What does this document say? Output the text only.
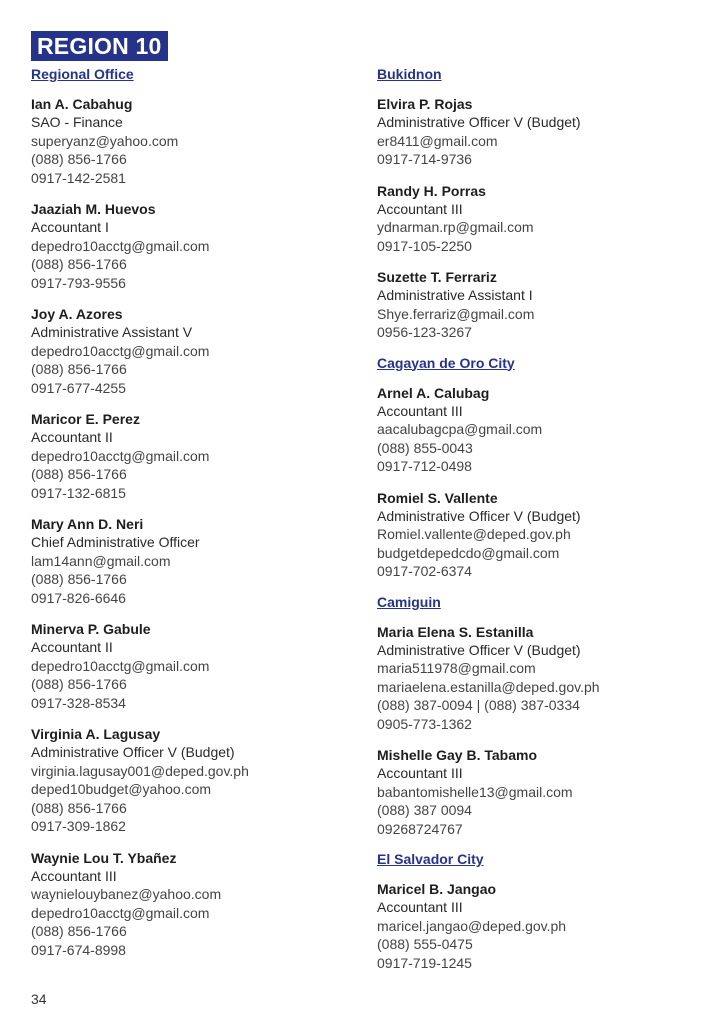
REGION 10
Regional Office
Ian A. Cabahug
SAO - Finance
superyanz@yahoo.com
(088) 856-1766
0917-142-2581
Jaaziah M. Huevos
Accountant I
depedro10acctg@gmail.com
(088) 856-1766
0917-793-9556
Joy A. Azores
Administrative Assistant V
depedro10acctg@gmail.com
(088) 856-1766
0917-677-4255
Maricor E. Perez
Accountant II
depedro10acctg@gmail.com
(088) 856-1766
0917-132-6815
Mary Ann D. Neri
Chief Administrative Officer
lam14ann@gmail.com
(088) 856-1766
0917-826-6646
Minerva P. Gabule
Accountant II
depedro10acctg@gmail.com
(088) 856-1766
0917-328-8534
Virginia A. Lagusay
Administrative Officer V (Budget)
virginia.lagusay001@deped.gov.ph
deped10budget@yahoo.com
(088) 856-1766
0917-309-1862
Waynie Lou T. Ybañez
Accountant III
waynielouybanez@yahoo.com
depedro10acctg@gmail.com
(088) 856-1766
0917-674-8998
Bukidnon
Elvira P. Rojas
Administrative Officer V (Budget)
er8411@gmail.com
0917-714-9736
Randy H. Porras
Accountant III
ydnarman.rp@gmail.com
0917-105-2250
Suzette T. Ferrariz
Administrative Assistant I
Shye.ferrariz@gmail.com
0956-123-3267
Cagayan de Oro City
Arnel A. Calubag
Accountant III
aacalubagcpa@gmail.com
(088) 855-0043
0917-712-0498
Romiel S. Vallente
Administrative Officer V (Budget)
Romiel.vallente@deped.gov.ph
budgetdepedcdo@gmail.com
0917-702-6374
Camiguin
Maria Elena S. Estanilla
Administrative Officer V (Budget)
maria511978@gmail.com
mariaelena.estanilla@deped.gov.ph
(088) 387-0094 | (088) 387-0334
0905-773-1362
Mishelle Gay B. Tabamo
Accountant III
babantomishelle13@gmail.com
(088) 387 0094
09268724767
El Salvador City
Maricel B. Jangao
Accountant III
maricel.jangao@deped.gov.ph
(088) 555-0475
0917-719-1245
34
